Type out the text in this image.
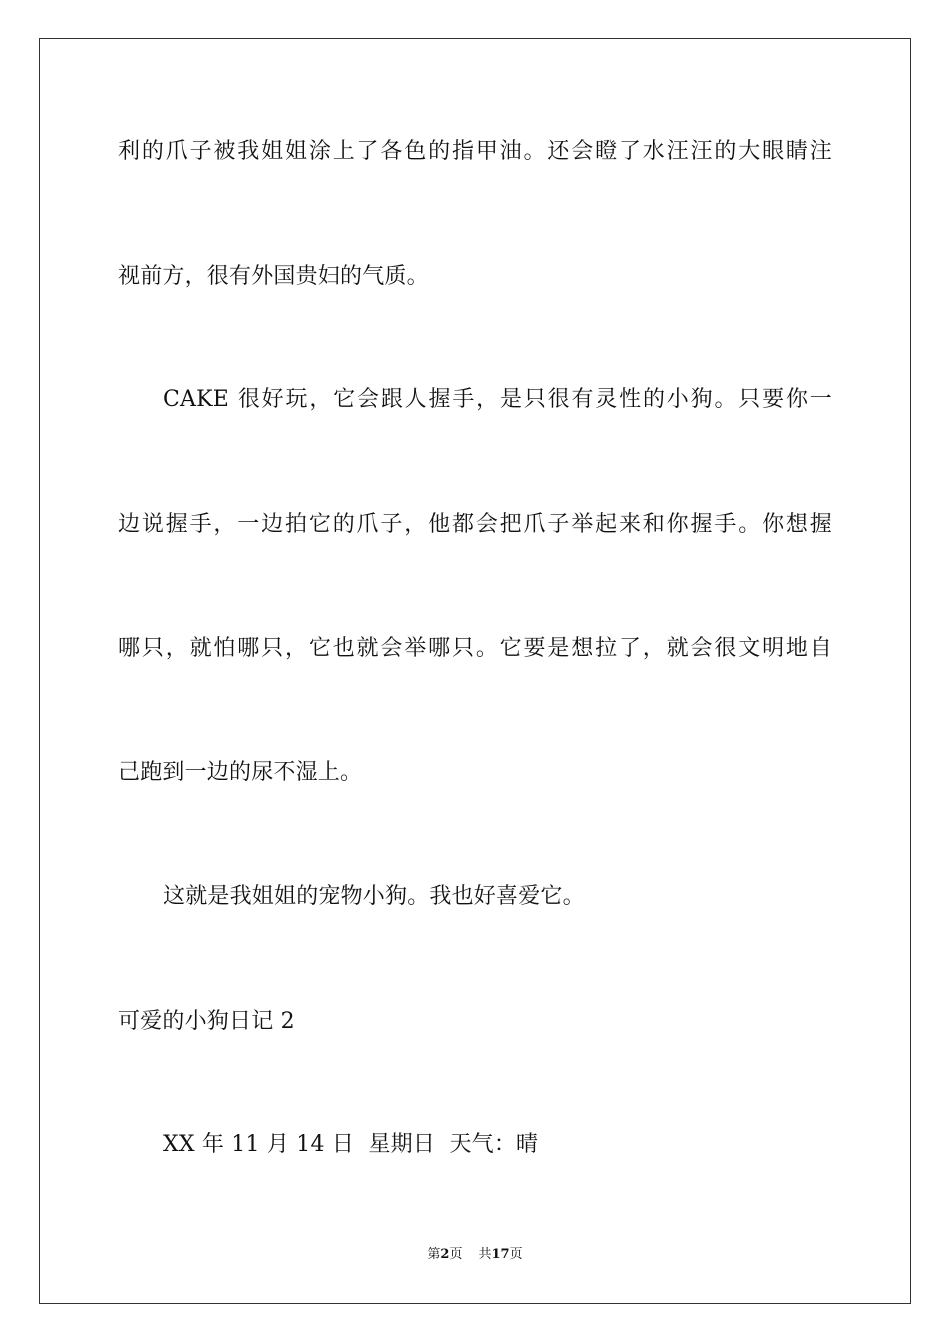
利的爪子被我姐姐涂上了各色的指甲油。还会瞪了水汪汪的大眼睛注
视前方，很有外国贵妇的气质。
CAKE 很好玩，它会跟人握手，是只很有灵性的小狗。只要你一
边说握手，一边拍它的爪子，他都会把爪子举起来和你握手。你想握
哪只，就怕哪只，它也就会举哪只。它要是想拉了，就会很文明地自
己跑到一边的尿不湿上。
这就是我姐姐的宠物小狗。我也好喜爱它。
可爱的小狗日记 2
XX 年 11 月 14 日  星期日  天气：晴
第2页 共17页
